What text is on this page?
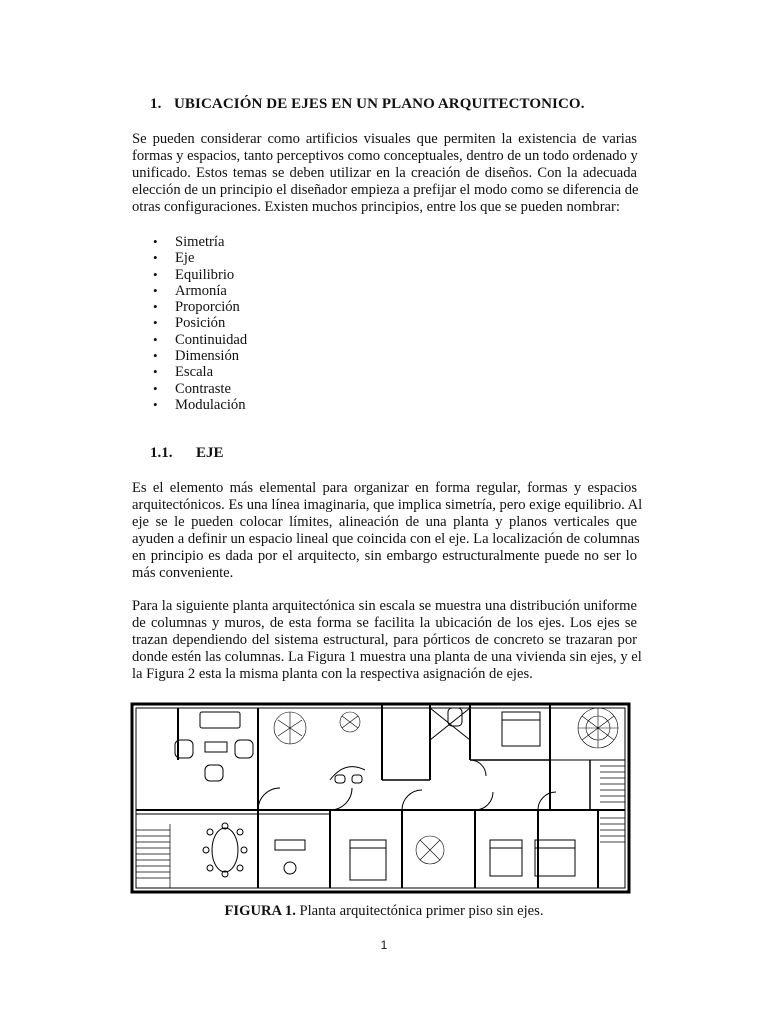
1. UBICACIÓN DE EJES EN UN PLANO ARQUITECTONICO.

Se pueden considerar como artificios visuales que permiten la existencia de varias
formas y espacios, tanto perceptivos como conceptuales, dentro de un todo ordenado y
unificado. Estos temas se deben utilizar en la creación de diseños. Con la adecuada
elección de un principio el diseñador empieza a prefijar el modo como se diferencia de
otras configuraciones. Existen muchos principios, entre los que se pueden nombrar:

• Simetría
• Eje
• Equilibrio
• Armonía
• Proporción
• Posición
• Continuidad
• Dimensión
• Escala
• Contraste
• Modulación
1.1. EJE

Es el elemento más elemental para organizar en forma regular, formas y espacios
arquitectónicos. Es una línea imaginaria, que implica simetría, pero exige equilibrio. Al
eje se le pueden colocar límites, alineación de una planta y planos verticales que
ayuden a definir un espacio lineal que coincida con el eje. La localización de columnas
en principio es dada por el arquitecto, sin embargo estructuralmente puede no ser lo
más conveniente.

Para la siguiente planta arquitectónica sin escala se muestra una distribución uniforme
de columnas y muros, de esta forma se facilita la ubicación de los ejes. Los ejes se
trazan dependiendo del sistema estructural, para pórticos de concreto se trazaran por
donde estén las columnas. La Figura 1 muestra una planta de una vivienda sin ejes, y el
la Figura 2 esta la misma planta con la respectiva asignación de ejes.

FIGURA 1. Planta arquitectónica primer piso sin ejes.
1
